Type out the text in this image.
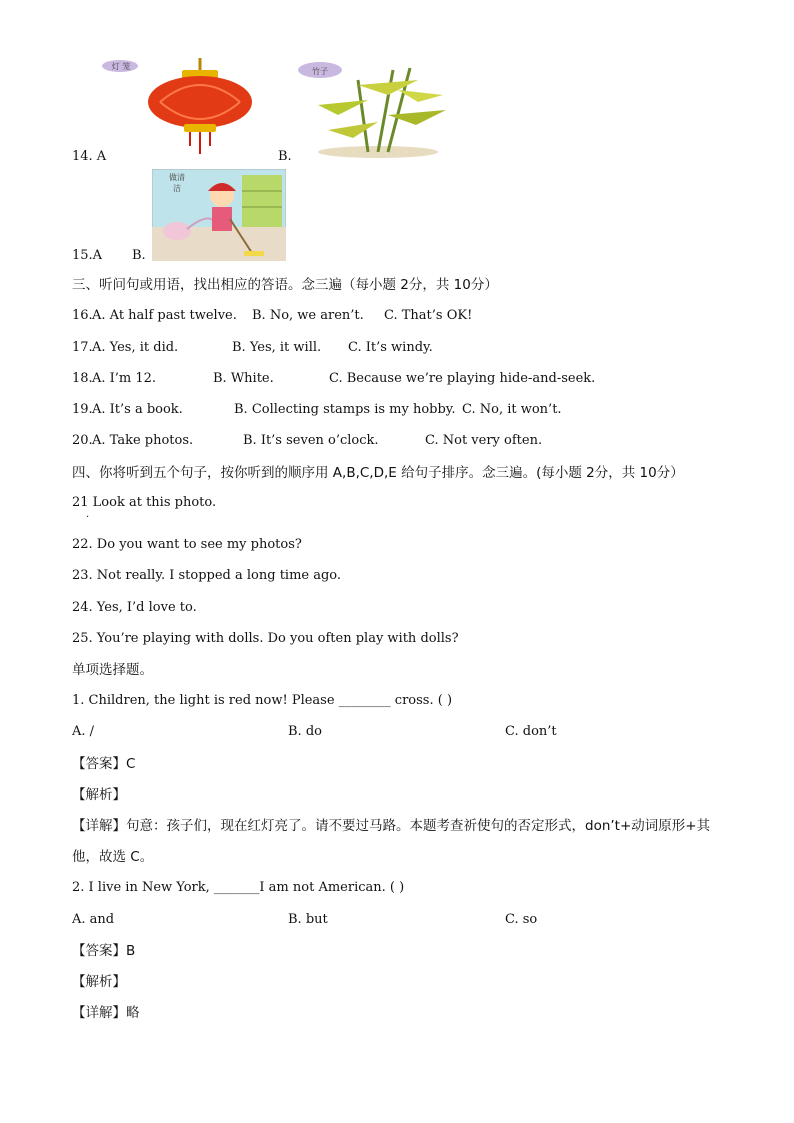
灯 笼
竹子
14. A	B.
做清洁
15.A B.
三、听问句或用语，找出相应的答语。念三遍（每小题 2分，共 10分）
16. A. At half past twelve. B. No, we aren’t. C. That’s OK!
17. A. Yes, it did.	B. Yes, it will. C. It’s windy.
18. A. I’m 12.	B. White.	C. Because we’re playing hide-and-seek.
19. A. It’s a book.	B. Collecting stamps is my hobby. C. No, it won’t.
20. A. Take photos.	B. It’s seven o’clock.	C. Not very often.
四、你将听到五个句子，按你听到的顺序用 A,B,C,D,E 给句子排序。念三遍。(每小题 2分，共 10分）
21 Look at this photo.
.
22. Do you want to see my photos?
23. Not really. I stopped a long time ago.
24. Yes, I’d love to.
25. You’re playing with dolls. Do you often play with dolls?
单项选择题。
1. Children, the light is red now! Please ________ cross. ( )
A. /	B. do	C. don’t
【答案】C
【解析】
【详解】句意：孩子们，现在红灯亮了。请不要过马路。本题考查祈使句的否定形式，don’t+动词原形+其
他，故选 C。
2. I live in New York, _______I am not American. ( )
A. and	B. but	C. so
【答案】B
【解析】
【详解】略
